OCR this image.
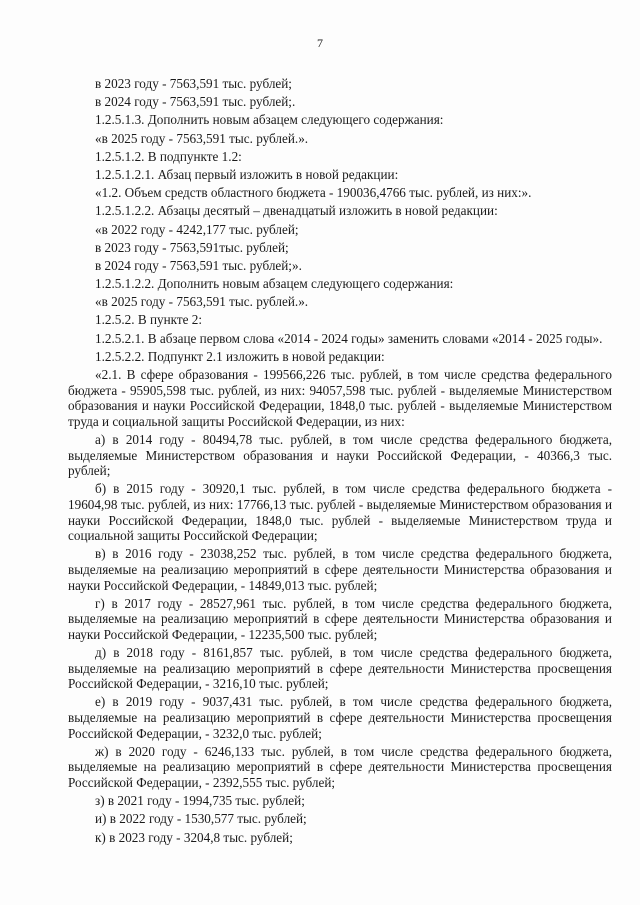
7

в 2023 году - 7563,591 тыс. рублей;

в 2024 году - 7563,591 тыс. рублей;.

1.2.5.1.3. Дополнить новым абзацем следующего содержания:

«в 2025 году - 7563,591 тыс. рублей.».

1.2.5.1.2. В подпункте 1.2:

1.2.5.1.2.1. Абзац первый изложить в новой редакции:

«1.2. Объем средств областного бюджета - 190036,4766 тыс. рублей, из них:».

1.2.5.1.2.2. Абзацы десятый – двенадцатый изложить в новой редакции:

«в 2022 году - 4242,177 тыс. рублей;

в 2023 году - 7563,591тыс. рублей;

в 2024 году - 7563,591 тыс. рублей;».

1.2.5.1.2.2. Дополнить новым абзацем следующего содержания:

«в 2025 году - 7563,591 тыс. рублей.».

1.2.5.2. В пункте 2:

1.2.5.2.1. В абзаце первом слова «2014 - 2024 годы» заменить словами «2014 - 2025 годы».

1.2.5.2.2. Подпункт 2.1 изложить в новой редакции:

«2.1. В сфере образования - 199566,226 тыс. рублей, в том числе средства федерального бюджета - 95905,598 тыс. рублей, из них: 94057,598 тыс. рублей - выделяемые Министерством образования и науки Российской Федерации, 1848,0 тыс. рублей - выделяемые Министерством труда и социальной защиты Российской Федерации, из них:

а) в 2014 году - 80494,78 тыс. рублей, в том числе средства федерального бюджета, выделяемые Министерством образования и науки Российской Федерации, - 40366,3 тыс. рублей;

б) в 2015 году - 30920,1 тыс. рублей, в том числе средства федерального бюджета - 19604,98 тыс. рублей, из них: 17766,13 тыс. рублей - выделяемые Министерством образования и науки Российской Федерации, 1848,0 тыс. рублей - выделяемые Министерством труда и социальной защиты Российской Федерации;

в) в 2016 году - 23038,252 тыс. рублей, в том числе средства федерального бюджета, выделяемые на реализацию мероприятий в сфере деятельности Министерства образования и науки Российской Федерации, - 14849,013 тыс. рублей;

г) в 2017 году - 28527,961 тыс. рублей, в том числе средства федерального бюджета, выделяемые на реализацию мероприятий в сфере деятельности Министерства образования и науки Российской Федерации, - 12235,500 тыс. рублей;

д) в 2018 году - 8161,857 тыс. рублей, в том числе средства федерального бюджета, выделяемые на реализацию мероприятий в сфере деятельности Министерства просвещения Российской Федерации, - 3216,10 тыс. рублей;

е) в 2019 году - 9037,431 тыс. рублей, в том числе средства федерального бюджета, выделяемые на реализацию мероприятий в сфере деятельности Министерства просвещения Российской Федерации, - 3232,0 тыс. рублей;

ж) в 2020 году - 6246,133 тыс. рублей, в том числе средства федерального бюджета, выделяемые на реализацию мероприятий в сфере деятельности Министерства просвещения Российской Федерации, - 2392,555 тыс. рублей;

з) в 2021 году - 1994,735 тыс. рублей;

и) в 2022 году - 1530,577 тыс. рублей;

к) в 2023 году - 3204,8 тыс. рублей;
